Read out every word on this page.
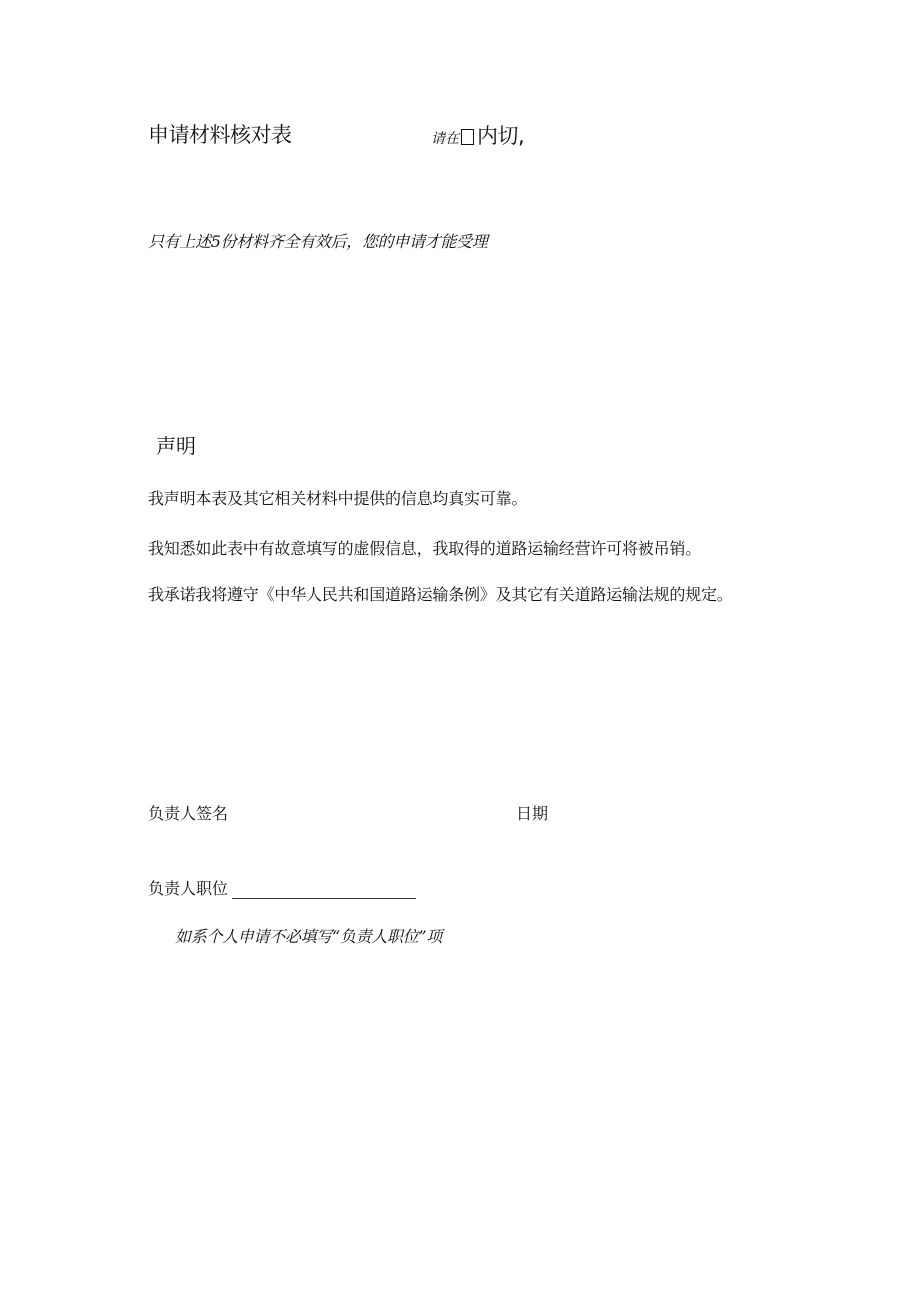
申请材料核对表	请在 内切,
只有上述5份材料齐全有效后，您的申请才能受理
声明
我声明本表及其它相关材料中提供的信息均真实可靠。
我知悉如此表中有故意填写的虚假信息，我取得的道路运输经营许可将被吊销。
我承诺我将遵守《中华人民共和国道路运输条例》及其它有关道路运输法规的规定。
负责人签名	日期
负责人职位
如系个人申请不必填写“负责人职位”项
